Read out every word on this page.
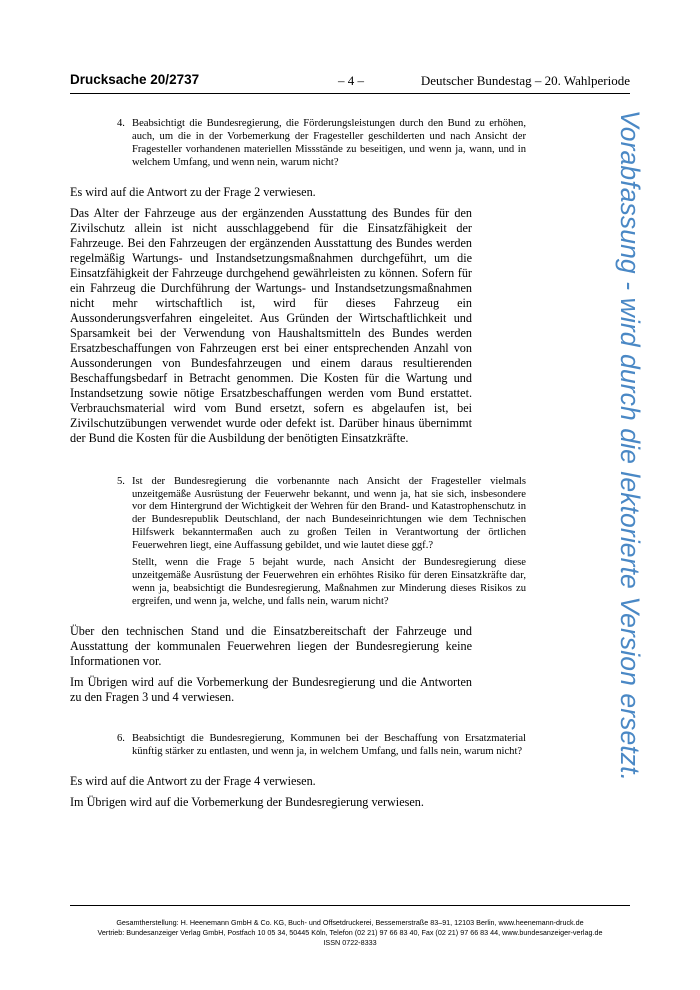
Drucksache 20/2737	– 4 –	Deutscher Bundestag – 20. Wahlperiode
4. Beabsichtigt die Bundesregierung, die Förderungsleistungen durch den Bund zu erhöhen, auch, um die in der Vorbemerkung der Fragesteller geschilderten und nach Ansicht der Fragesteller vorhandenen materiellen Missstände zu beseitigen, und wenn ja, wann, und in welchem Umfang, und wenn nein, warum nicht?

Es wird auf die Antwort zu der Frage 2 verwiesen.

Das Alter der Fahrzeuge aus der ergänzenden Ausstattung des Bundes für den Zivilschutz allein ist nicht ausschlaggebend für die Einsatzfähigkeit der Fahrzeuge. Bei den Fahrzeugen der ergänzenden Ausstattung des Bundes werden regelmäßig Wartungs- und Instandsetzungsmaßnahmen durchgeführt, um die Einsatzfähigkeit der Fahrzeuge durchgehend gewährleisten zu können. Sofern für ein Fahrzeug die Durchführung der Wartungs- und Instandsetzungsmaßnahmen nicht mehr wirtschaftlich ist, wird für dieses Fahrzeug ein Aussonderungsverfahren eingeleitet. Aus Gründen der Wirtschaftlichkeit und Sparsamkeit bei der Verwendung von Haushaltsmitteln des Bundes werden Ersatzbeschaffungen von Fahrzeugen erst bei einer entsprechenden Anzahl von Aussonderungen von Bundesfahrzeugen und einem daraus resultierenden Beschaffungsbedarf in Betracht genommen. Die Kosten für die Wartung und Instandsetzung sowie nötige Ersatzbeschaffungen werden vom Bund erstattet. Verbrauchsmaterial wird vom Bund ersetzt, sofern es abgelaufen ist, bei Zivilschutzübungen verwendet wurde oder defekt ist. Darüber hinaus übernimmt der Bund die Kosten für die Ausbildung der benötigten Einsatzkräfte.

5. Ist der Bundesregierung die vorbenannte nach Ansicht der Fragesteller vielmals unzeitgemäße Ausrüstung der Feuerwehr bekannt, und wenn ja, hat sie sich, insbesondere vor dem Hintergrund der Wichtigkeit der Wehren für den Brand- und Katastrophenschutz in der Bundesrepublik Deutschland, der nach Bundeseinrichtungen wie dem Technischen Hilfswerk bekanntermaßen auch zu großen Teilen in Verantwortung der örtlichen Feuerwehren liegt, eine Auffassung gebildet, und wie lautet diese ggf.?
Stellt, wenn die Frage 5 bejaht wurde, nach Ansicht der Bundesregierung diese unzeitgemäße Ausrüstung der Feuerwehren ein erhöhtes Risiko für deren Einsatzkräfte dar, wenn ja, beabsichtigt die Bundesregierung, Maßnahmen zur Minderung dieses Risikos zu ergreifen, und wenn ja, welche, und falls nein, warum nicht?

Über den technischen Stand und die Einsatzbereitschaft der Fahrzeuge und Ausstattung der kommunalen Feuerwehren liegen der Bundesregierung keine Informationen vor.

Im Übrigen wird auf die Vorbemerkung der Bundesregierung und die Antworten zu den Fragen 3 und 4 verwiesen.

6. Beabsichtigt die Bundesregierung, Kommunen bei der Beschaffung von Ersatzmaterial künftig stärker zu entlasten, und wenn ja, in welchem Umfang, und falls nein, warum nicht?

Es wird auf die Antwort zu der Frage 4 verwiesen.

Im Übrigen wird auf die Vorbemerkung der Bundesregierung verwiesen.

Vorabfassung - wird durch die lektorierte Version ersetzt.
Gesamtherstellung: H. Heenemann GmbH & Co. KG, Buch- und Offsetdruckerei, Bessemerstraße 83–91, 12103 Berlin, www.heenemann-druck.de
Vertrieb: Bundesanzeiger Verlag GmbH, Postfach 10 05 34, 50445 Köln, Telefon (02 21) 97 66 83 40, Fax (02 21) 97 66 83 44, www.bundesanzeiger-verlag.de
ISSN 0722-8333
